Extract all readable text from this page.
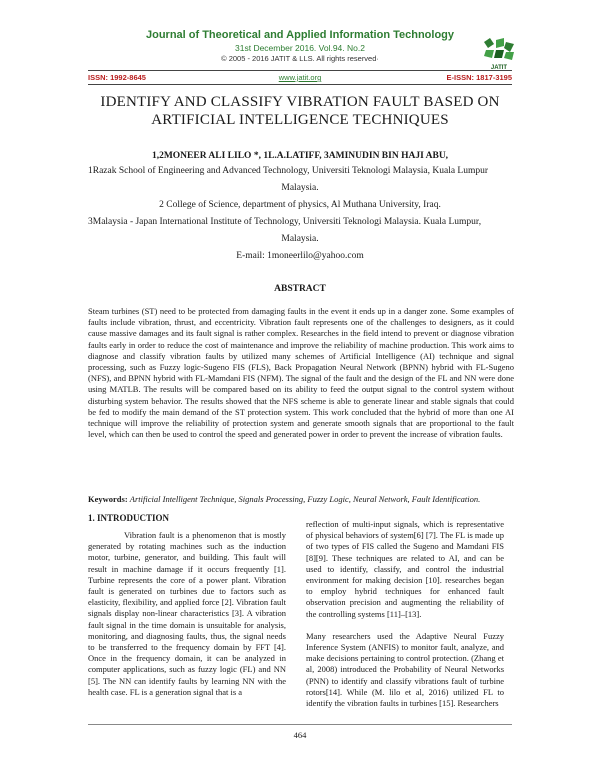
Journal of Theoretical and Applied Information Technology
31st December 2016. Vol.94. No.2
© 2005 - 2016 JATIT & LLS. All rights reserved·
JATIT
ISSN: 1992-8645	www.jatit.org	E-ISSN: 1817-3195
IDENTIFY AND CLASSIFY VIBRATION FAULT BASED ON
ARTIFICIAL INTELLIGENCE TECHNIQUES
1,2MONEER ALI LILO *, 1L.A.LATIFF, 3AMINUDIN BIN HAJI ABU,
1Razak School of Engineering and Advanced Technology, Universiti Teknologi Malaysia, Kuala Lumpur
Malaysia.
2 College of Science, department of physics, Al Muthana University, Iraq.
3Malaysia - Japan International Institute of Technology, Universiti Teknologi Malaysia. Kuala Lumpur,
Malaysia.
E-mail: 1moneerlilo@yahoo.com
ABSTRACT
Steam turbines (ST) need to be protected from damaging faults in the event it ends up in a danger zone. Some examples of faults include vibration, thrust, and eccentricity. Vibration fault represents one of the challenges to designers, as it could cause massive damages and its fault signal is rather complex. Researches in the field intend to prevent or diagnose vibration faults early in order to reduce the cost of maintenance and improve the reliability of machine production. This work aims to diagnose and classify vibration faults by utilized many schemes of Artificial Intelligence (AI) technique and signal processing, such as Fuzzy logic-Sugeno FIS (FLS), Back Propagation Neural Network (BPNN) hybrid with FL-Sugeno (NFS), and BPNN hybrid with FL-Mamdani FIS (NFM). The signal of the fault and the design of the FL and NN were done using MATLB. The results will be compared based on its ability to feed the output signal to the control system without disturbing system behavior. The results showed that the NFS scheme is able to generate linear and stable signals that could be fed to modify the main demand of the ST protection system. This work concluded that the hybrid of more than one AI technique will improve the reliability of protection system and generate smooth signals that are proportional to the fault level, which can then be used to control the speed and generated power in order to prevent the increase of vibration faults.
Keywords: Artificial Intelligent Technique, Signals Processing, Fuzzy Logic, Neural Network, Fault Identification.
1. INTRODUCTION

Vibration fault is a phenomenon that is mostly generated by rotating machines such as the induction motor, turbine, generator, and building. This fault will result in machine damage if it occurs frequently [1]. Turbine represents the core of a power plant. Vibration fault is generated on turbines due to factors such as elasticity, flexibility, and applied force [2]. Vibration fault signals display non-linear characteristics [3]. A vibration fault signal in the time domain is unsuitable for analysis, monitoring, and diagnosing faults, thus, the signal needs to be transferred to the frequency domain by FFT [4]. Once in the frequency domain, it can be analyzed in computer applications, such as fuzzy logic (FL) and NN [5]. The NN can identify faults by learning NN with the health case. FL is a generation signal that is a

reflection of multi-input signals, which is representative of physical behaviors of system[6] [7]. The FL is made up of two types of FIS called the Sugeno and Mamdani FIS [8][9]. These techniques are related to AI, and can be used to identify, classify, and control the industrial environment for making decision [10]. researches began to employ hybrid techniques for enhanced fault observation precision and augmenting the reliability of the controlling systems [11]–[13].

Many researchers used the Adaptive Neural Fuzzy Inference System (ANFIS) to monitor fault, analyze, and make decisions pertaining to control protection. (Zhang et al, 2008) introduced the Probability of Neural Networks (PNN) to identify and classify vibrations fault of turbine rotors[14]. While (M. lilo et al, 2016) utilized FL to identify the vibration faults in turbines [15]. Researchers

464
